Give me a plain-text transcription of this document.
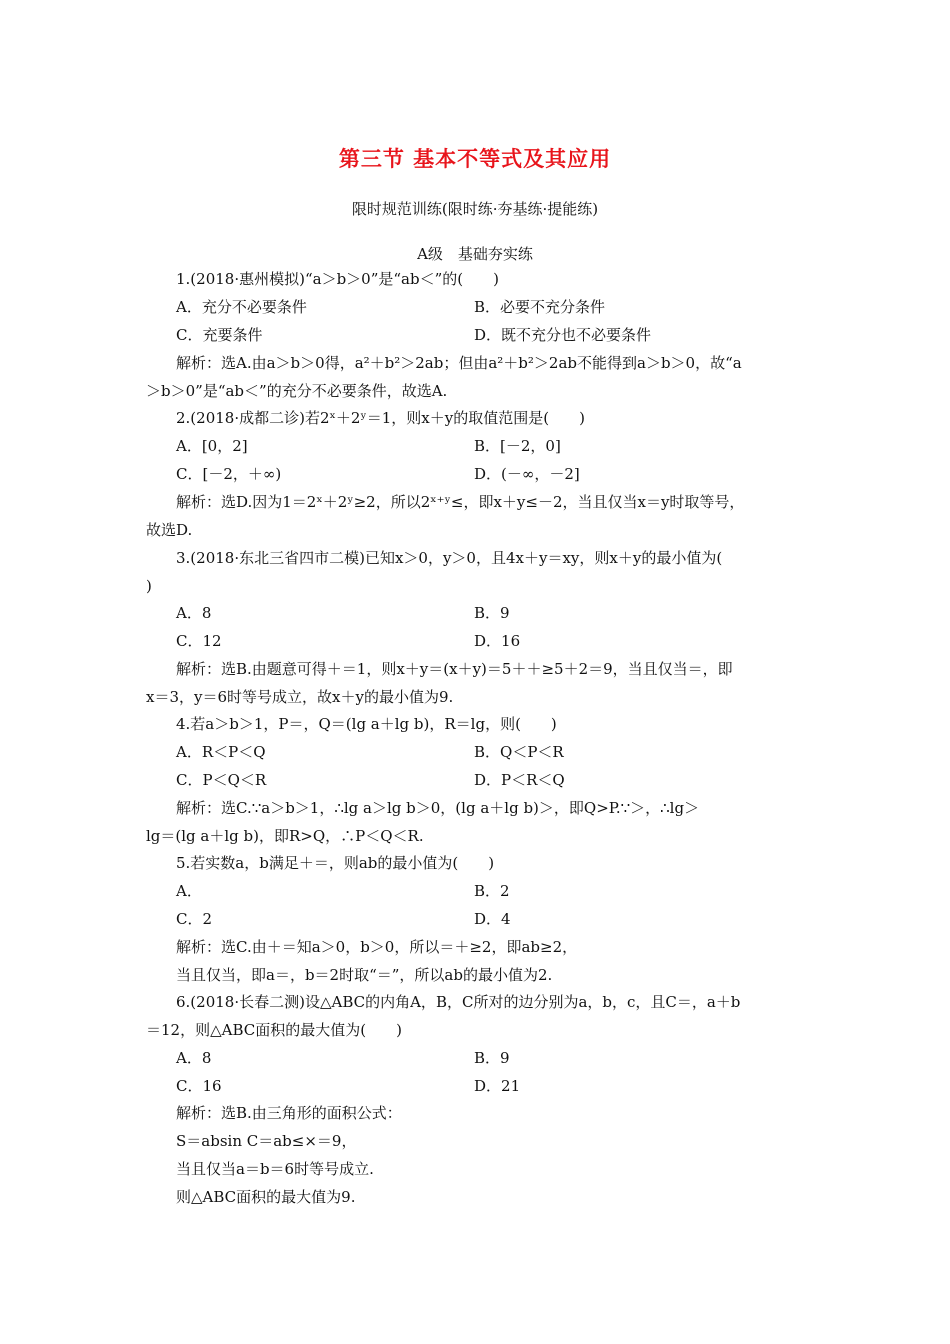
第三节 基本不等式及其应用
限时规范训练(限时练·夯基练·提能练)
A级　基础夯实练
1.(2018·惠州模拟)“a＞b＞0”是“ab＜”的(　　)
A．充分不必要条件	B．必要不充分条件
C．充要条件	D．既不充分也不必要条件
解析：选A.由a＞b＞0得，a²＋b²＞2ab；但由a²＋b²＞2ab不能得到a＞b＞0，故“a
＞b＞0”是“ab＜”的充分不必要条件，故选A.
2.(2018·成都二诊)若2ˣ＋2ʸ＝1，则x＋y的取值范围是(　　)
A．[0，2]	B．[－2，0]
C．[－2，＋∞)	D．(－∞，－2]
解析：选D.因为1＝2ˣ＋2ʸ≥2，所以2ˣ⁺ʸ≤，即x＋y≤－2，当且仅当x＝y时取等号，
故选D.
3.(2018·东北三省四市二模)已知x＞0，y＞0，且4x＋y＝xy，则x＋y的最小值为(
)
A．8	B．9
C．12	D．16
解析：选B.由题意可得＋＝1，则x＋y＝(x＋y)＝5＋＋≥5＋2＝9，当且仅当＝，即
x＝3，y＝6时等号成立，故x＋y的最小值为9.
4.若a＞b＞1，P＝，Q＝(lg a＋lg b)，R＝lg，则(　　)
A．R＜P＜Q	B．Q＜P＜R
C．P＜Q＜R	D．P＜R＜Q
解析：选C.∵a＞b＞1，∴lg a＞lg b＞0，(lg a＋lg b)＞，即Q>P.∵＞，∴lg＞
lg＝(lg a＋lg b)，即R>Q，∴P＜Q＜R.
5.若实数a，b满足＋＝，则ab的最小值为(　　)
A．	B．2
C．2	D．4
解析：选C.由＋＝知a＞0，b＞0，所以＝＋≥2，即ab≥2，
当且仅当，即a＝，b＝2时取“＝”，所以ab的最小值为2.
6.(2018·长春二测)设△ABC的内角A，B，C所对的边分别为a，b，c，且C＝，a＋b
＝12，则△ABC面积的最大值为(　　)
A．8	B．9
C．16	D．21
解析：选B.由三角形的面积公式：
S＝absin C＝ab≤×＝9，
当且仅当a＝b＝6时等号成立.
则△ABC面积的最大值为9.
